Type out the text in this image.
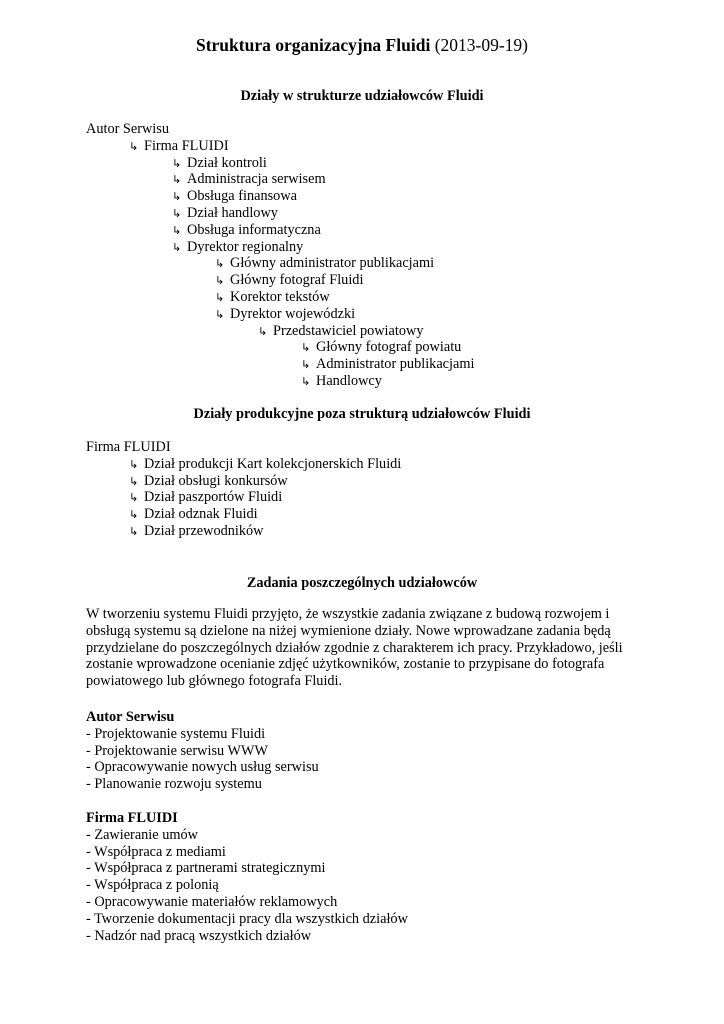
Struktura organizacyjna Fluidi (2013-09-19)
Działy w strukturze udziałowców Fluidi
Autor Serwisu
↳ Firma FLUIDI
↳ Dział kontroli
↳ Administracja serwisem
↳ Obsługa finansowa
↳ Dział handlowy
↳ Obsługa informatyczna
↳ Dyrektor regionalny
↳ Główny administrator publikacjami
↳ Główny fotograf Fluidi
↳ Korektor tekstów
↳ Dyrektor wojewódzki
↳ Przedstawiciel powiatowy
↳ Główny fotograf powiatu
↳ Administrator publikacjami
↳ Handlowcy
Działy produkcyjne poza strukturą udziałowców Fluidi
Firma FLUIDI
↳ Dział produkcji Kart kolekcjonerskich Fluidi
↳ Dział obsługi konkursów
↳ Dział paszportów Fluidi
↳ Dział odznak Fluidi
↳ Dział przewodników
Zadania poszczególnych udziałowców
W tworzeniu systemu Fluidi przyjęto, że wszystkie zadania związane z budową rozwojem i
obsługą systemu są dzielone na niżej wymienione działy. Nowe wprowadzane zadania będą
przydzielane do poszczególnych działów zgodnie z charakterem ich pracy. Przykładowo, jeśli
zostanie wprowadzone ocenianie zdjęć użytkowników, zostanie to przypisane do fotografa
powiatowego lub głównego fotografa Fluidi.
Autor Serwisu
- Projektowanie systemu Fluidi
- Projektowanie serwisu WWW
- Opracowywanie nowych usług serwisu
- Planowanie rozwoju systemu
Firma FLUIDI
- Zawieranie umów
- Współpraca z mediami
- Współpraca z partnerami strategicznymi
- Współpraca z polonią
- Opracowywanie materiałów reklamowych
- Tworzenie dokumentacji pracy dla wszystkich działów
- Nadzór nad pracą wszystkich działów
